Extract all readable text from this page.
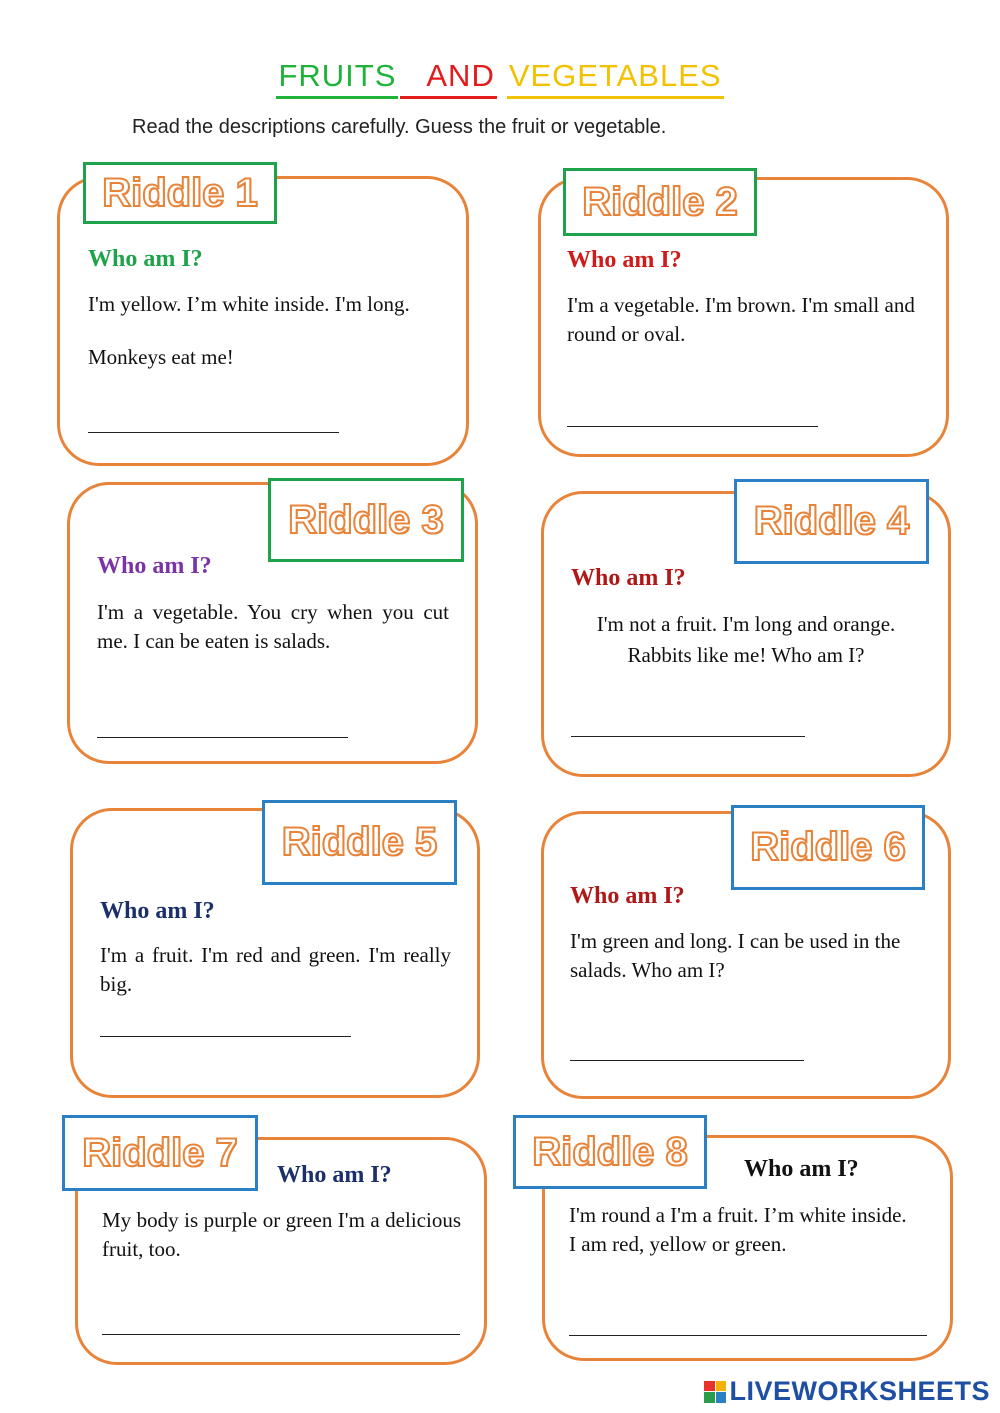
FRUITS AND VEGETABLES
Read the descriptions carefully. Guess the fruit or vegetable.
Riddle 1
Who am I?
I'm yellow. I’m white inside. I'm long.
Monkeys eat me!
Riddle 2
Who am I?
I'm a vegetable. I'm brown. I'm small and round or oval.
Riddle 3
Who am I?
I'm a vegetable. You cry when you cut me. I can be eaten is salads.
Riddle 4
Who am I?
I'm not a fruit. I'm long and orange. Rabbits like me! Who am I?
Riddle 5
Who am I?
I'm a fruit. I'm red and green. I'm really big.
Riddle 6
Who am I?
I'm green and long. I can be used in the salads. Who am I?
Riddle 7
Who am I?
My body is purple or green I'm a delicious fruit, too.
Riddle 8	Who am I?
I'm round a I'm a fruit. I’m white inside. I am red, yellow or green.
LIVEWORKSHEETS
